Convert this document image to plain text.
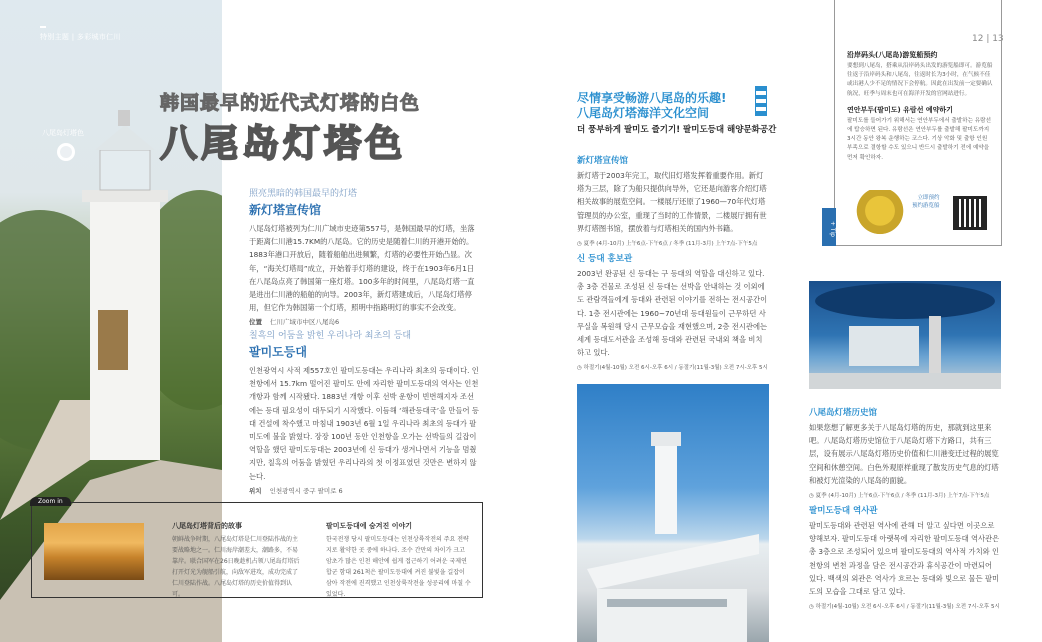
特别主题 | 多彩城市仁川
八尾岛灯塔色
韩国最早的近代式灯塔的白色
八尾岛灯塔色
照亮黑暗的韩国最早的灯塔
新灯塔宣传馆
八尾岛灯塔被列为仁川广域市史迹第557号，是韩国最早的灯塔，坐落于距离仁川港15.7KM的八尾岛。它的历史是随着仁川的开港开始的。1883年港口开放后，随着船舶出进频繁，灯塔的必要性开始凸显。次年，“海关灯塔局”成立，开始着手灯塔的建设，终于在1903年6月1日在八尾岛点亮了韩国第一座灯塔。100多年的时间里，八尾岛灯塔一直是进出仁川港的船舶的向导。2003年，新灯塔建成后，八尾岛灯塔停用，但它作为韩国第一个灯塔，照明中指路明灯的事实不会改变。
位置 仁川广域市中区八尾岛6
칠흑의 어둠을 밝힌 우리나라 최초의 등대
팔미도등대
인천광역시 사적 제557호인 팔미도등대는 우리나라 최초의 등대이다. 인천항에서 15.7km 떨어진 팔미도 안에 자리한 팔미도등대의 역사는 인천 개항과 함께 시작됐다. 1883년 개항 이후 선박 운항이 빈번해지자 조선에는 등대 필요성이 대두되기 시작했다. 이듬해 ‘해관등대국’을 만들어 등대 건설에 착수했고 마침내 1903년 6월 1일 우리나라 최초의 등대가 팔미도에 불을 밝혔다. 장장 100년 동안 인천항을 오가는 선박들의 길잡이 역할을 했던 팔미도등대는 2003년에 신 등대가 생겨나면서 기능을 멈췄지만, 칠흑의 어둠을 밝혔던 우리나라의 첫 이정표였던 것만은 변하지 않는다.
위치 인천광역시 중구 팔미로 6
Zoom in
八尾岛灯塔背后的故事
朝鲜战争时期，八尾岛灯塔是仁川登陆作战的主要战略地之一。仁川海岸潮差大，潮路多，不易靠岸。联合国军在26日晚趁机占领八尾岛灯塔后打开灯光为舰船引航，向敌军进攻，成功完成了仁川登陆作战。八尾岛灯塔的历史价值得到认可。
팔미도등대에 숨겨진 이야기
한국전쟁 당시 팔미도등대는 인천상륙작전의 주요 전략지로 활약한 곳 중에 하나다. 조수 간만의 차이가 크고 암초가 많은 인천 해안에 쉽게 접근하기 어려운 국제연합군 함대 261척은 팔미도등대에 켜진 불빛을 길잡이 삼아 작전에 진격했고 인천상륙작전을 성공리에 마칠 수 있었다.
12 | 13
尽情享受畅游八尾岛的乐趣!
八尾岛灯塔海洋文化空间
더 풍부하게 팔미도 즐기기! 팔미도등대 해양문화공간
新灯塔宣传馆
新灯塔于2003年完工，取代旧灯塔发挥着重要作用。新灯塔为三层，除了为船只提供向导外，它还是向游客介绍灯塔相关故事的展览空间。一楼展厅还原了1960—70年代灯塔管理员的办公室，重现了当时的工作情景，二楼展厅拥有世界灯塔图书馆，摆放着与灯塔相关的国内外书籍。
◷ 夏季 (4月-10月) 上午6点-下午6点 / 冬季 (11月-3月) 上午7点-下午5点
신 등대 홍보관
2003년 완공된 신 등대는 구 등대의 역할을 대신하고 있다. 총 3층 건물로 조성된 신 등대는 선박을 안내하는 것 이외에도 관람객들에게 등대와 관련된 이야기를 전하는 전시공간이다. 1층 전시관에는 1960~70년대 등대원들이 근무하던 사무실을 복원해 당시 근무모습을 재현했으며, 2층 전시관에는 세계 등대도서관을 조성해 등대와 관련된 국내외 책을 비치하고 있다.
◷ 하절기(4월-10월) 오전 6시-오후 6시 / 동절기(11월-3월) 오전 7시-오후 5시
+ Tip
沿岸码头(八尾岛)游览船预约
要想到八尾岛，搭乘从沿岸码头出发的游览船即可。游览船往返于沿岸码头和八尾岛，往返时长为3小时，在气候不佳或出港人少不足的情况下会停航。因此在出发前一定要确认航况，旺季与周末也可在海洋开发的官网站进行。
연안부두(팔미도) 유람선 예약하기
팔미도를 들어가기 위해서는 연안부두에서 출발하는 유람선에 탑승하면 된다. 유람선은 연안부두를 출발해 팔미도까지 3시간 동안 왕복 운행하는 코스다. 기상 악화 및 출항 인원 부족으로 결항할 수도 있으니 반드시 출발하기 전에 예약을 먼저 확인하자.
立即预约
预约游览船
八尾岛灯塔历史馆
如果您想了解更多关于八尾岛灯塔的历史，那就到这里来吧。八尾岛灯塔历史馆位于八尾岛灯塔下方路口，共有三层，设有展示八尾岛灯塔历史价值和仁川港变迁过程的展览空间和休憩空间。白色外观原样重现了散发历史气息的灯塔和被灯光渲染的八尾岛的面貌。
◷ 夏季 (4月-10月) 上午6点-下午6点 / 冬季 (11月-3月) 上午7点-下午5点
팔미도등대 역사관
팔미도등대와 관련된 역사에 관해 더 알고 싶다면 이곳으로 향해보자. 팔미도등대 아랫목에 자리한 팔미도등대 역사관은 총 3층으로 조성되어 있으며 팔미도등대의 역사적 가치와 인천항의 변천 과정을 담은 전시공간과 휴식공간이 마련되어 있다. 백색의 외관은 역사가 흐르는 등대와 빛으로 물든 팔미도의 모습을 그대로 담고 있다.
◷ 하절기(4월-10월) 오전 6시-오후 6시 / 동절기(11월-3월) 오전 7시-오후 5시
